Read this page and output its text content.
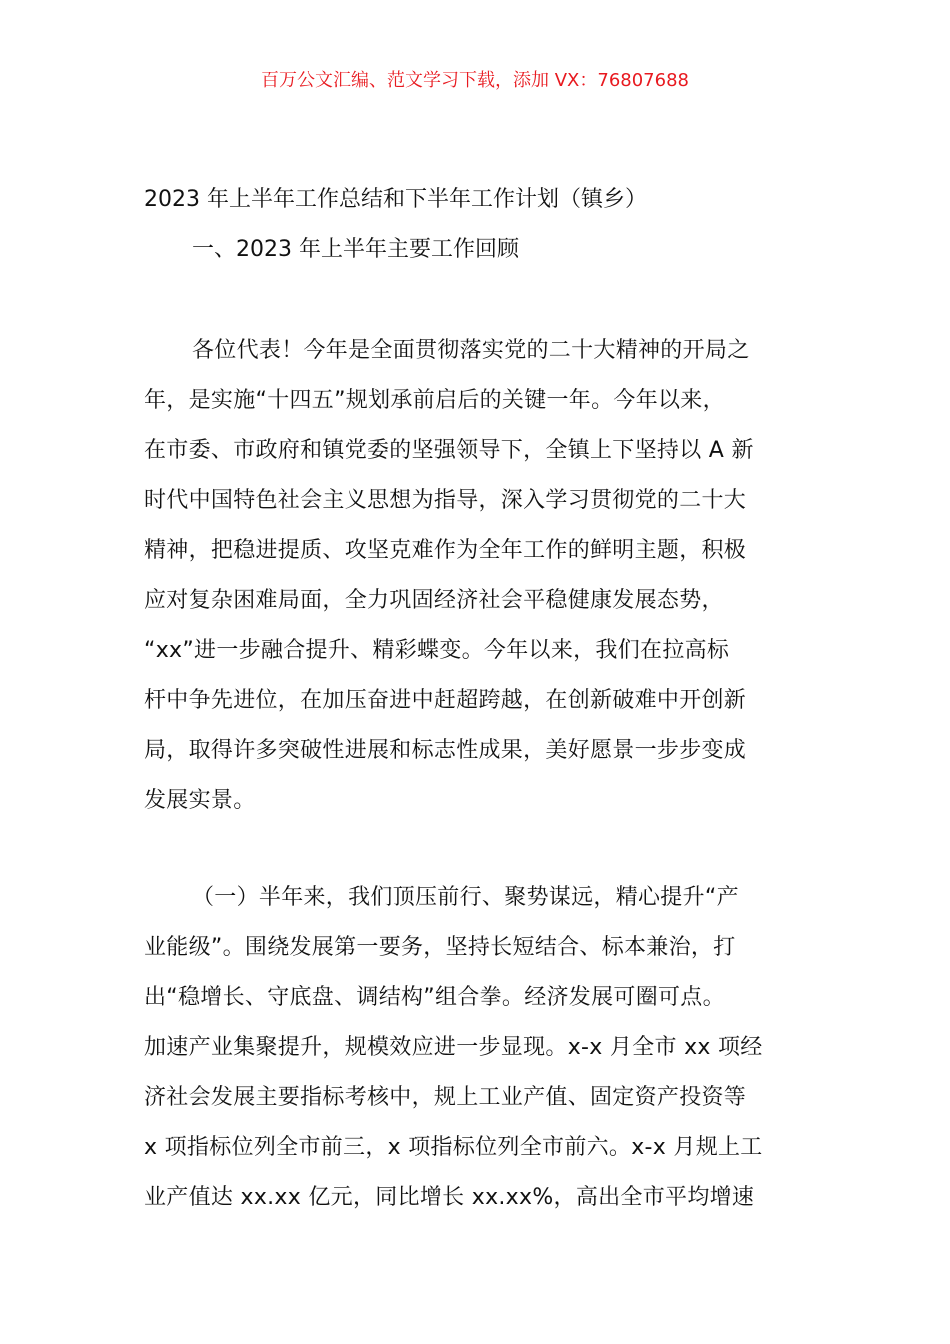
百万公文汇编、范文学习下载，添加 VX：76807688
2023 年上半年工作总结和下半年工作计划（镇乡）
一、2023 年上半年主要工作回顾
各位代表！今年是全面贯彻落实党的二十大精神的开局之
年，是实施“十四五”规划承前启后的关键一年。今年以来，
在市委、市政府和镇党委的坚强领导下，全镇上下坚持以 A 新
时代中国特色社会主义思想为指导，深入学习贯彻党的二十大
精神，把稳进提质、攻坚克难作为全年工作的鲜明主题，积极
应对复杂困难局面，全力巩固经济社会平稳健康发展态势，
“xx”进一步融合提升、精彩蝶变。今年以来，我们在拉高标
杆中争先进位，在加压奋进中赶超跨越，在创新破难中开创新
局，取得许多突破性进展和标志性成果，美好愿景一步步变成
发展实景。
（一）半年来，我们顶压前行、聚势谋远，精心提升“产
业能级”。围绕发展第一要务，坚持长短结合、标本兼治，打
出“稳增长、守底盘、调结构”组合拳。经济发展可圈可点。
加速产业集聚提升，规模效应进一步显现。x-x 月全市 xx 项经
济社会发展主要指标考核中，规上工业产值、固定资产投资等
x 项指标位列全市前三，x 项指标位列全市前六。x-x 月规上工
业产值达 xx.xx 亿元，同比增长 xx.xx%，高出全市平均增速
